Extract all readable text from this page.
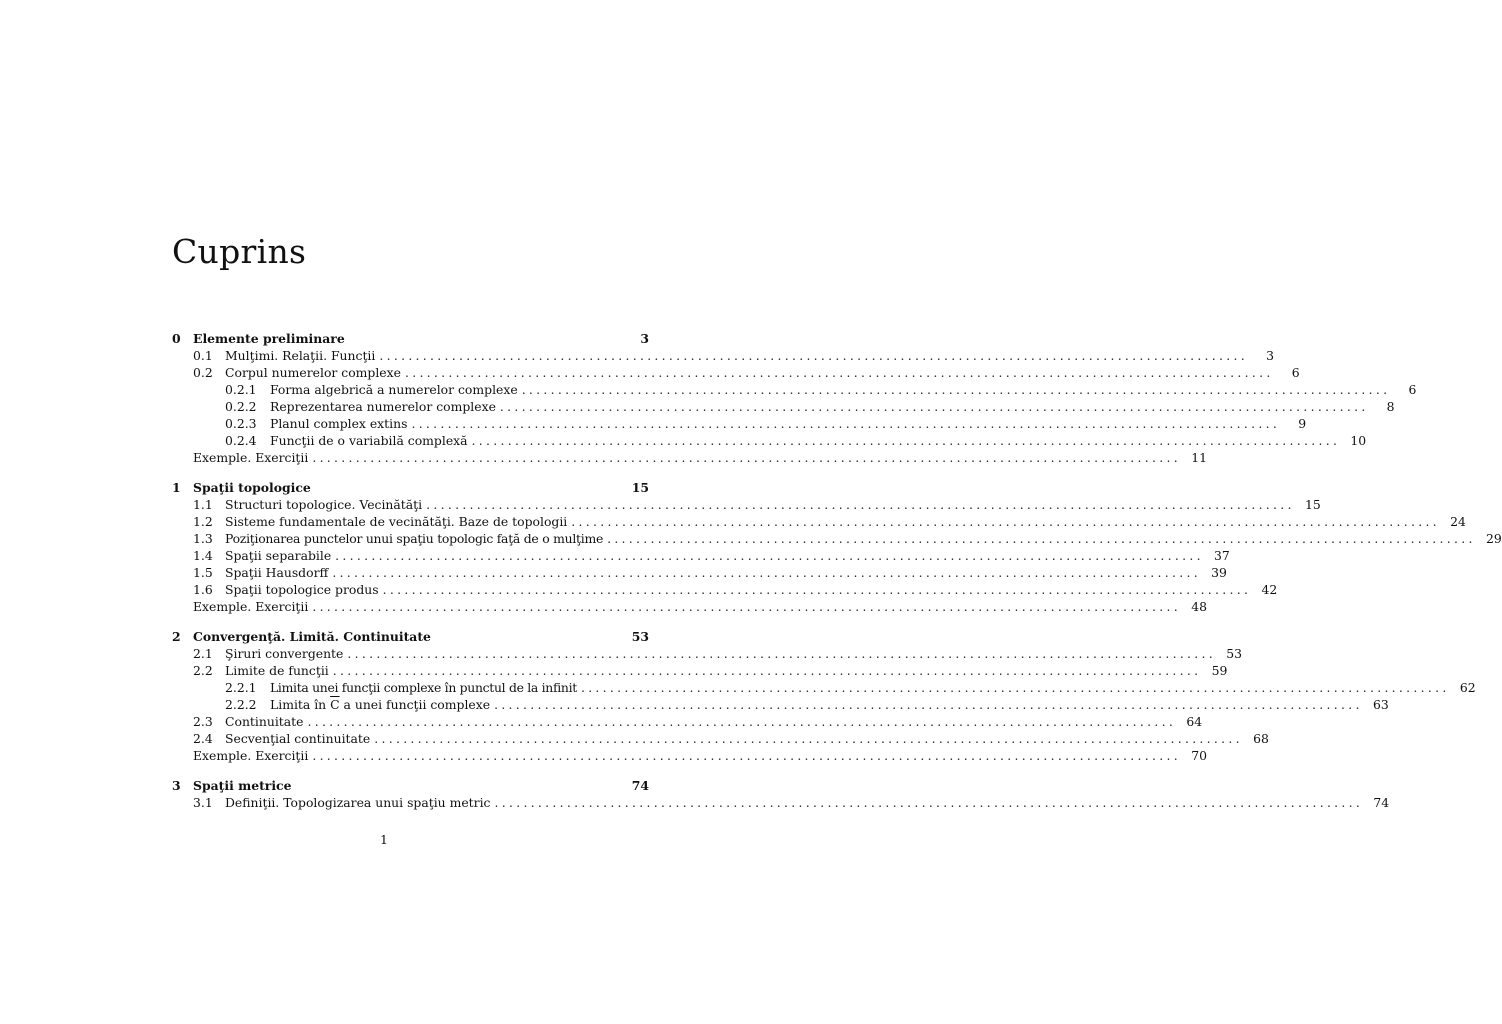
Cuprins
0 Elemente preliminare	3
0.1 Mulţimi. Relaţii. Funcţii ........................................................................................................................	3
0.2 Corpul numerelor complexe ........................................................................................................................	6
0.2.1	Forma algebrică a numerelor complexe ........................................................................................................................	6
0.2.2	Reprezentarea numerelor complexe ........................................................................................................................	8
0.2.3	Planul complex extins ........................................................................................................................	9
0.2.4	Funcţii de o variabilă complexă ........................................................................................................................ 10
Exemple. Exerciţii ........................................................................................................................ 11
1 Spaţii topologice	15
1.1 Structuri topologice. Vecinătăţi ........................................................................................................................ 15
1.2 Sisteme fundamentale de vecinătăţi. Baze de topologii ........................................................................................................................ 24
1.3 Poziţionarea punctelor unui spaţiu topologic faţă de o mulţime ........................................................................................................................ 29
1.4 Spaţii separabile ........................................................................................................................ 37
1.5 Spaţii Hausdorff ........................................................................................................................ 39
1.6 Spaţii topologice produs ........................................................................................................................ 42
Exemple. Exerciţii ........................................................................................................................ 48
2 Convergenţă. Limită. Continuitate	53
2.1 Şiruri convergente ........................................................................................................................ 53
2.2 Limite de funcţii ........................................................................................................................ 59
2.2.1	Limita unei funcţii complexe în punctul de la infinit ........................................................................................................................ 62
2.2.2	Limita în $\overline{C}$ a unei funcţii complexe ........................................................................................................................ 63
2.3 Continuitate ........................................................................................................................ 64
2.4 Secvenţial continuitate ........................................................................................................................ 68
Exemple. Exerciţii ........................................................................................................................ 70
3 Spaţii metrice	74
3.1 Definiţii. Topologizarea unui spaţiu metric ........................................................................................................................ 74
1
